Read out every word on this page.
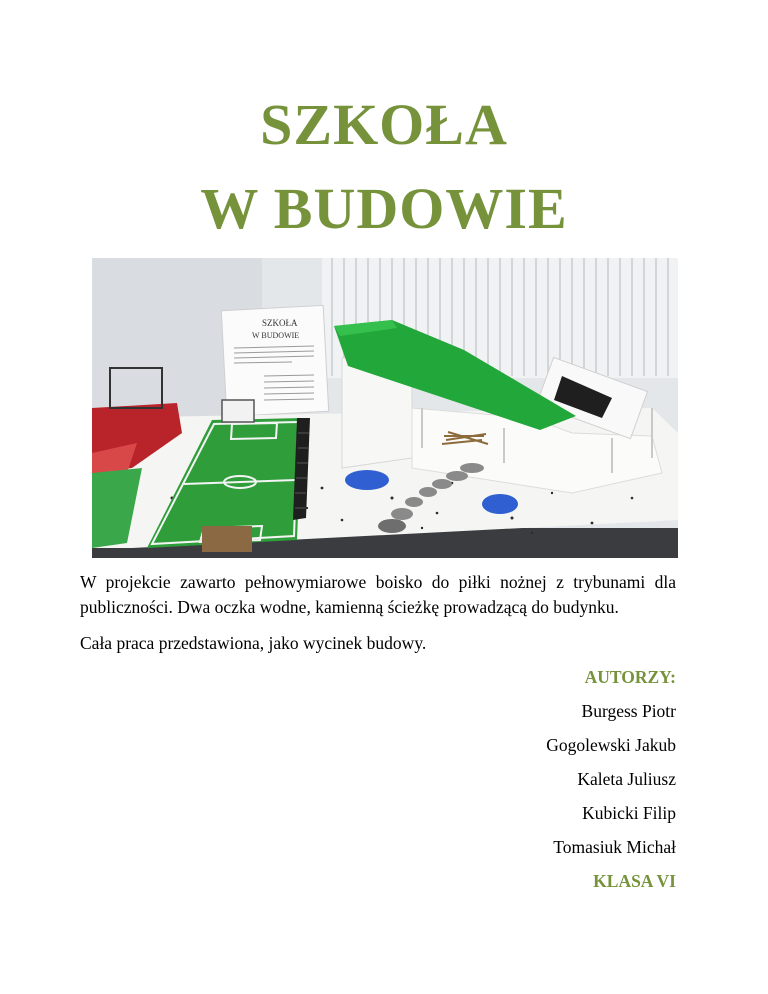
SZKOŁA
W BUDOWIE
SZKOŁA
W BUDOWIE

W projekcie zawarto pełnowymiarowe boisko do piłki nożnej z trybunami dla publiczności. Dwa oczka wodne, kamienną ścieżkę prowadzącą do budynku.

Cała praca przedstawiona, jako wycinek budowy.

AUTORZY:
Burgess Piotr
Gogolewski Jakub
Kaleta Juliusz
Kubicki Filip
Tomasiuk Michał
KLASA VI
